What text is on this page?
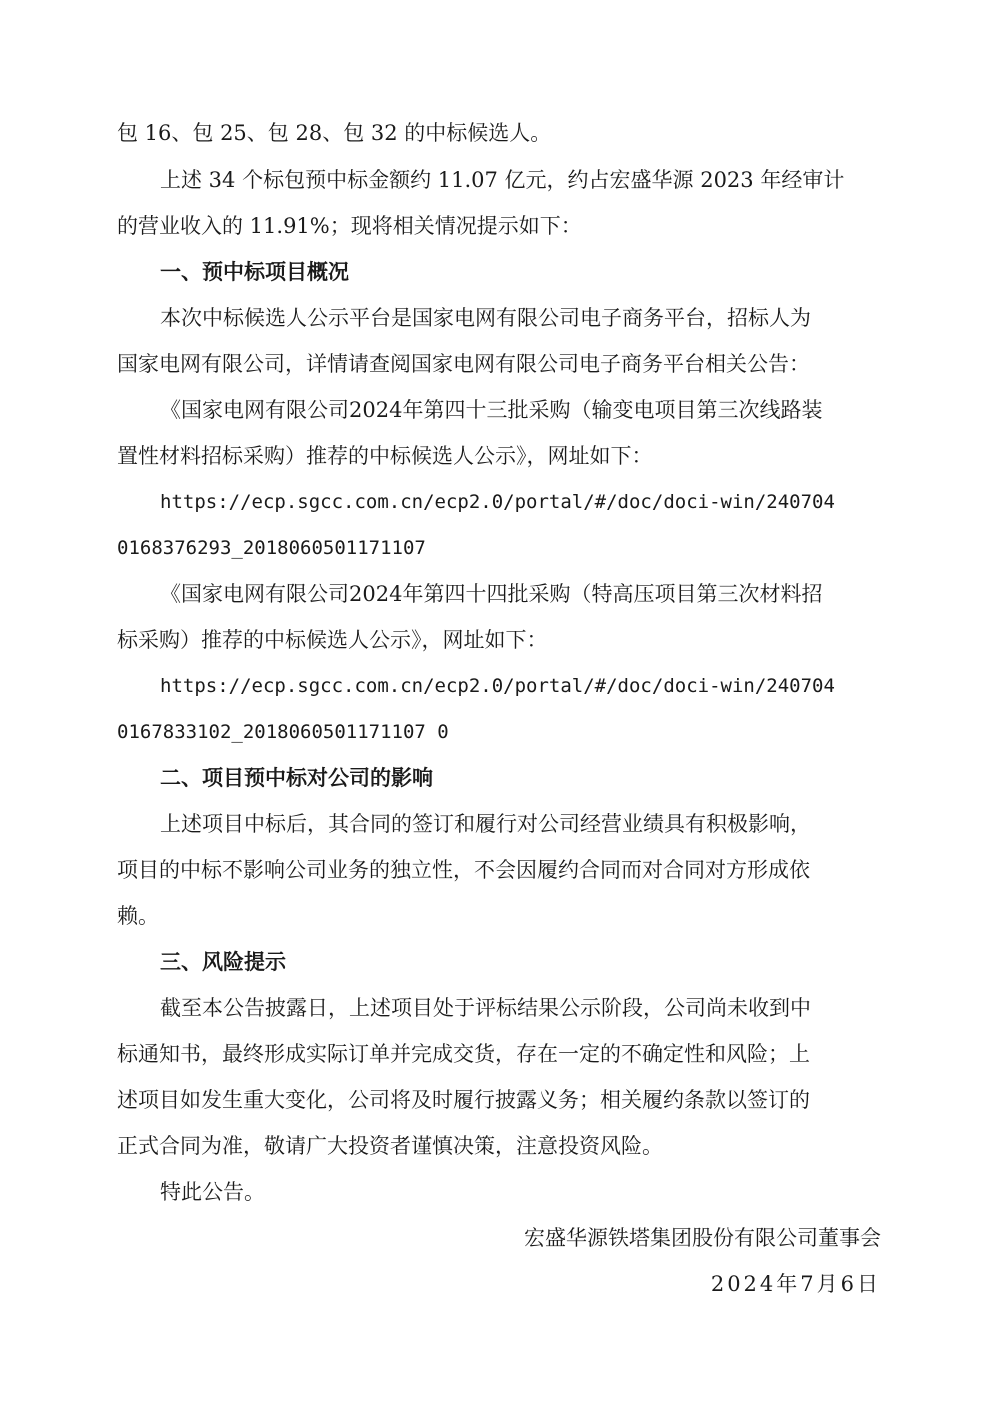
包 16、包 25、包 28、包 32 的中标候选人。
上述 34 个标包预中标金额约 11.07 亿元，约占宏盛华源 2023 年经审计
的营业收入的 11.91%；现将相关情况提示如下：
一、预中标项目概况
本次中标候选人公示平台是国家电网有限公司电子商务平台，招标人为
国家电网有限公司，详情请查阅国家电网有限公司电子商务平台相关公告：
《国家电网有限公司2024年第四十三批采购（输变电项目第三次线路装
置性材料招标采购）推荐的中标候选人公示》，网址如下：
https://ecp.sgcc.com.cn/ecp2.0/portal/#/doc/doci-win/240704
0168376293_2018060501171107
《国家电网有限公司2024年第四十四批采购（特高压项目第三次材料招
标采购）推荐的中标候选人公示》，网址如下：
https://ecp.sgcc.com.cn/ecp2.0/portal/#/doc/doci-win/240704
0167833102_2018060501171107 0
二、项目预中标对公司的影响
上述项目中标后，其合同的签订和履行对公司经营业绩具有积极影响，
项目的中标不影响公司业务的独立性，不会因履约合同而对合同对方形成依
赖。
三、风险提示
截至本公告披露日，上述项目处于评标结果公示阶段，公司尚未收到中
标通知书，最终形成实际订单并完成交货，存在一定的不确定性和风险；上
述项目如发生重大变化，公司将及时履行披露义务；相关履约条款以签订的
正式合同为准，敬请广大投资者谨慎决策，注意投资风险。
特此公告。
宏盛华源铁塔集团股份有限公司董事会
2024年7月6日
